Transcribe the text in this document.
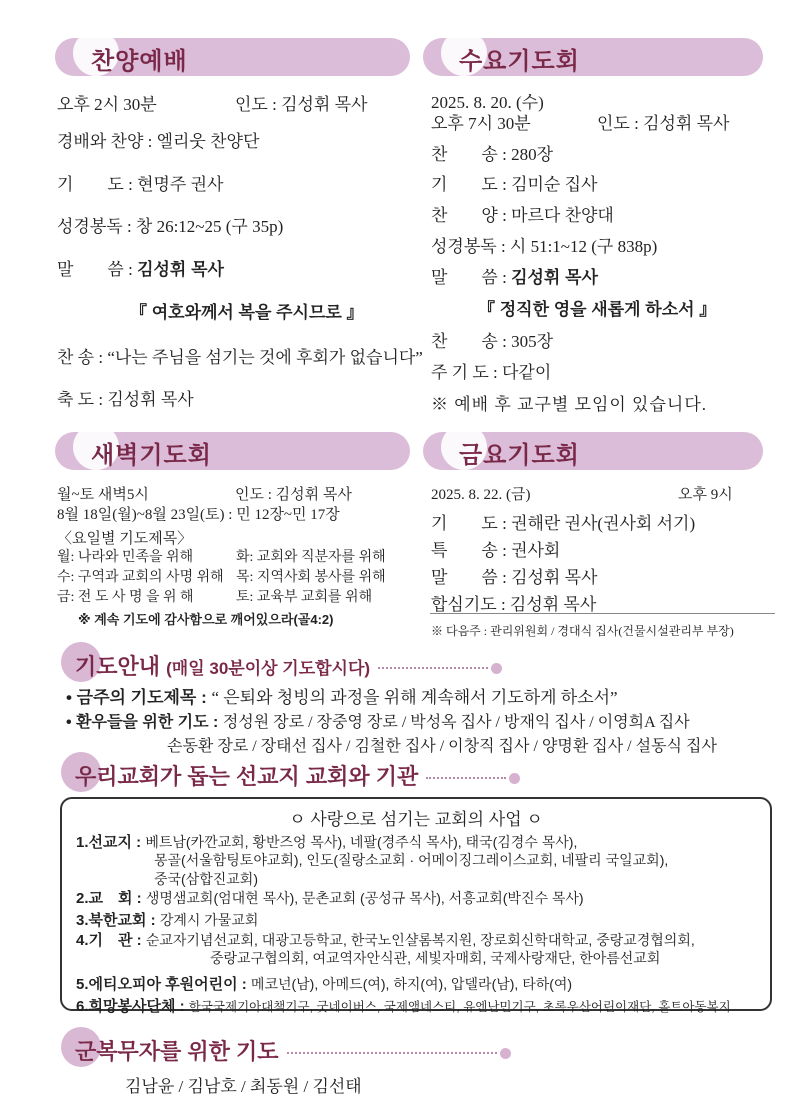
찬양예배
오후 2시 30분	인도 : 김성휘 목사
경배와 찬양 : 엘리웃 찬양단
기　　도 : 현명주 권사
성경봉독 : 창 26:12~25 (구 35p)
말　　씀 : 김성휘 목사
『 여호와께서 복을 주시므로 』
찬 송 : “나는 주님을 섬기는 것에 후회가 없습니다”
축 도 : 김성휘 목사
수요기도회
2025. 8. 20. (수)
오후 7시 30분	인도 : 김성휘 목사
찬　　송 : 280장
기　　도 : 김미순 집사
찬　　양 : 마르다 찬양대
성경봉독 : 시 51:1~12 (구 838p)
말　　씀 : 김성휘 목사
『 정직한 영을 새롭게 하소서 』
찬　　송 : 305장
주 기 도 : 다같이
※ 예배 후 교구별 모임이 있습니다.
새벽기도회
월~토 새벽5시	인도 : 김성휘 목사
8월 18일(월)~8월 23일(토) : 민 12장~민 17장
〈요일별 기도제목〉
월: 나라와 민족을 위해	화: 교회와 직분자를 위해
수: 구역과 교회의 사명 위해 목: 지역사회 봉사를 위해
금: 전 도 사 명 을 위 해	토: 교육부 교회를 위해
※ 계속 기도에 감사함으로 깨어있으라(골4:2)
금요기도회
2025. 8. 22. (금)	오후 9시
기　　도 : 권해란 권사(권사회 서기)
특　　송 : 권사회
말　　씀 : 김성휘 목사
합심기도 : 김성휘 목사
※ 다음주 : 관리위원회 / 경대식 집사(건물시설관리부 부장)
기도안내 (매일 30분이상 기도합시다)
• 금주의 기도제목 : “ 은퇴와 청빙의 과정을 위해 계속해서 기도하게 하소서”
• 환우들을 위한 기도 : 정성원 장로 / 장중영 장로 / 박성옥 집사 / 방재익 집사 / 이영희A 집사
손동환 장로 / 장태선 집사 / 김철한 집사 / 이창직 집사 / 양명환 집사 / 설동식 집사
우리교회가 돕는 선교지 교회와 기관
ㅇ 사랑으로 섬기는 교회의 사업 ㅇ
1.선교지 : 베트남(카깐교회, 황반즈엉 목사), 네팔(경주식 목사), 태국(김경수 목사),
몽골(서울함팅토야교회), 인도(질랑소교회 · 어메이징그레이스교회, 네팔리 국일교회),
중국(삼합진교회)
2.교　회 : 생명샘교회(엄대현 목사), 문촌교회 (공성규 목사), 서흥교회(박진수 목사)
3.북한교회 : 강계시 가물교회
4.기　관 : 순교자기념선교회, 대광고등학교, 한국노인샬롬복지원, 장로회신학대학교, 중랑교경협의회,
중랑교구협의회, 여교역자안식관, 세빛자매회, 국제사랑재단, 한아름선교회
5.에티오피아 후원어린이 : 메코넌(남), 아메드(여), 하지(여), 압델라(남), 타하(여)
6.희망봉사단체 : 한국국제기아대책기구, 굿네이버스, 국제앰네스티, 유엔난민기구, 초록우산어린이재단, 홀트아동복지
군복무자를 위한 기도
김남윤 / 김남호 / 최동원 / 김선태
